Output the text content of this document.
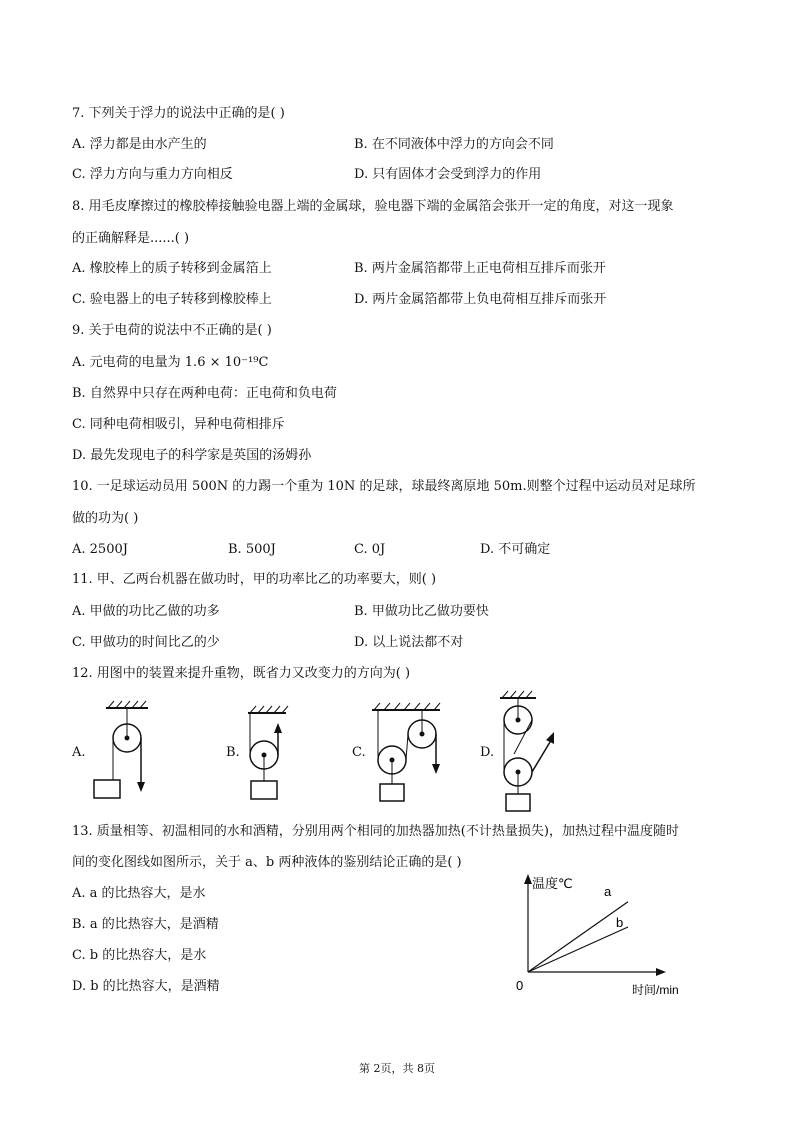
7. 下列关于浮力的说法中正确的是( )
A. 浮力都是由水产生的	B. 在不同液体中浮力的方向会不同
C. 浮力方向与重力方向相反	D. 只有固体才会受到浮力的作用
8. 用毛皮摩擦过的橡胶棒接触验电器上端的金属球，验电器下端的金属箔会张开一定的角度，对这一现象
的正确解释是......( )
A. 橡胶棒上的质子转移到金属箔上	B. 两片金属箔都带上正电荷相互排斥而张开
C. 验电器上的电子转移到橡胶棒上	D. 两片金属箔都带上负电荷相互排斥而张开
9. 关于电荷的说法中不正确的是( )
A. 元电荷的电量为 1.6 × 10⁻¹⁹C
B. 自然界中只存在两种电荷：正电荷和负电荷
C. 同种电荷相吸引，异种电荷相排斥
D. 最先发现电子的科学家是英国的汤姆孙
10. 一足球运动员用 500N 的力踢一个重为 10N 的足球，球最终离原地 50m.则整个过程中运动员对足球所
做的功为( )
A. 2500J	B. 500J	C. 0J	D. 不可确定
11. 甲、乙两台机器在做功时，甲的功率比乙的功率要大，则( )
A. 甲做的功比乙做的功多	B. 甲做功比乙做功要快
C. 甲做功的时间比乙的少	D. 以上说法都不对
12. 用图中的装置来提升重物，既省力又改变力的方向为( )
A.	B.	C.	D.
13. 质量相等、初温相同的水和酒精，分别用两个相同的加热器加热(不计热量损失)，加热过程中温度随时
间的变化图线如图所示，关于 a、b 两种液体的鉴别结论正确的是( )
A. a 的比热容大，是水
B. a 的比热容大，是酒精
C. b 的比热容大，是水
D. b 的比热容大，是酒精
温度℃
时间/min
0
a
b
第 2页，共 8页
